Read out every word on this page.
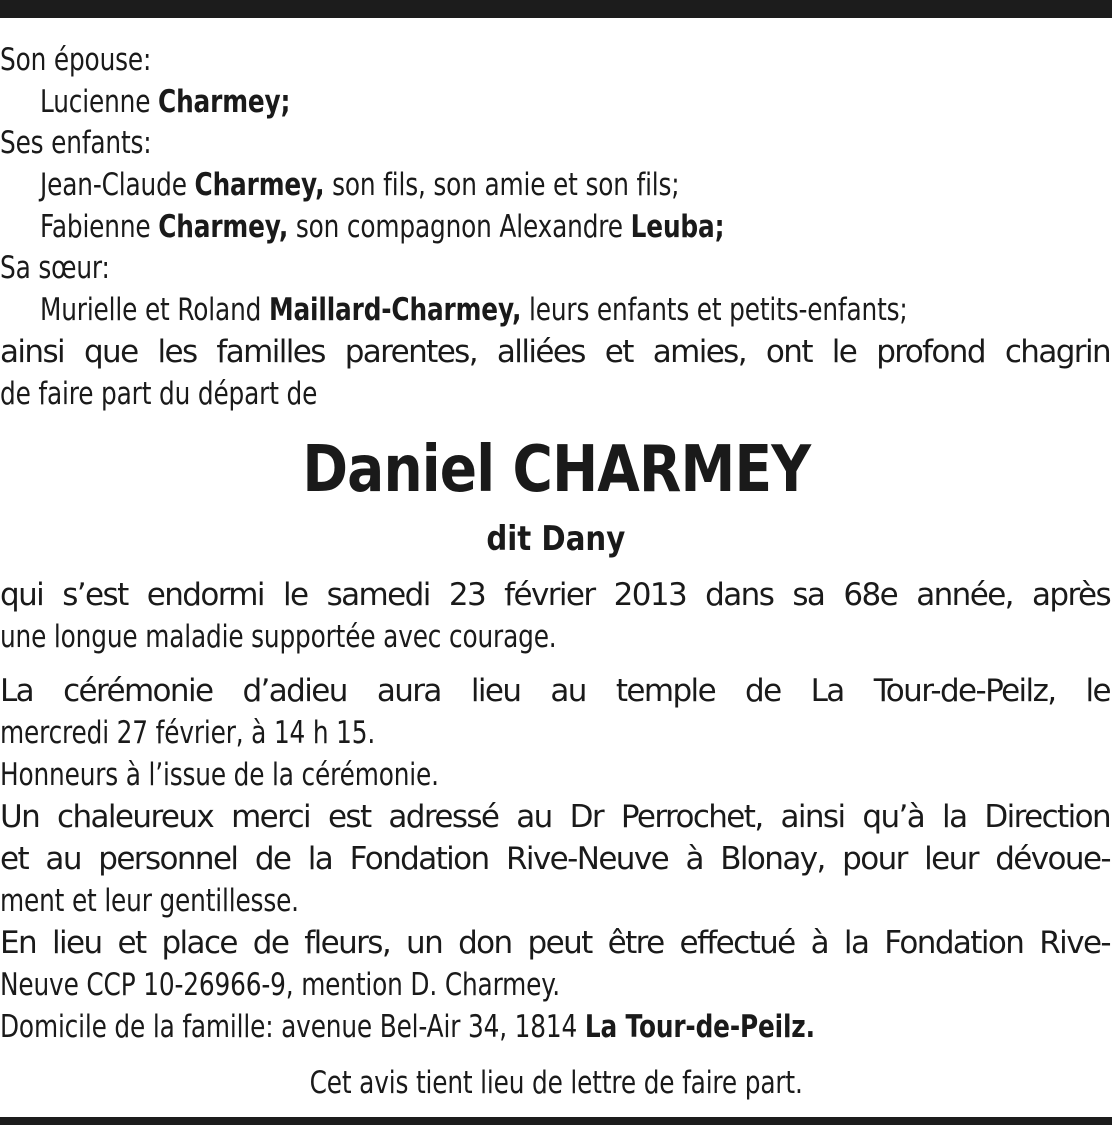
Son épouse:
Lucienne Charmey;
Ses enfants:
Jean-Claude Charmey, son fils, son amie et son fils;
Fabienne Charmey, son compagnon Alexandre Leuba;
Sa sœur:
Murielle et Roland Maillard-Charmey, leurs enfants et petits-enfants;
ainsi que les familles parentes, alliées et amies, ont le profond chagrin
de faire part du départ de
Daniel CHARMEY
dit Dany
qui s’est endormi le samedi 23 février 2013 dans sa 68e année, après
une longue maladie supportée avec courage.
La cérémonie d’adieu aura lieu au temple de La Tour-de-Peilz, le
mercredi 27 février, à 14 h 15.
Honneurs à l’issue de la cérémonie.
Un chaleureux merci est adressé au Dr Perrochet, ainsi qu’à la Direction
et au personnel de la Fondation Rive-Neuve à Blonay, pour leur dévoue-
ment et leur gentillesse.
En lieu et place de fleurs, un don peut être effectué à la Fondation Rive-
Neuve CCP 10-26966-9, mention D. Charmey.
Domicile de la famille: avenue Bel-Air 34, 1814 La Tour-de-Peilz.
Cet avis tient lieu de lettre de faire part.
